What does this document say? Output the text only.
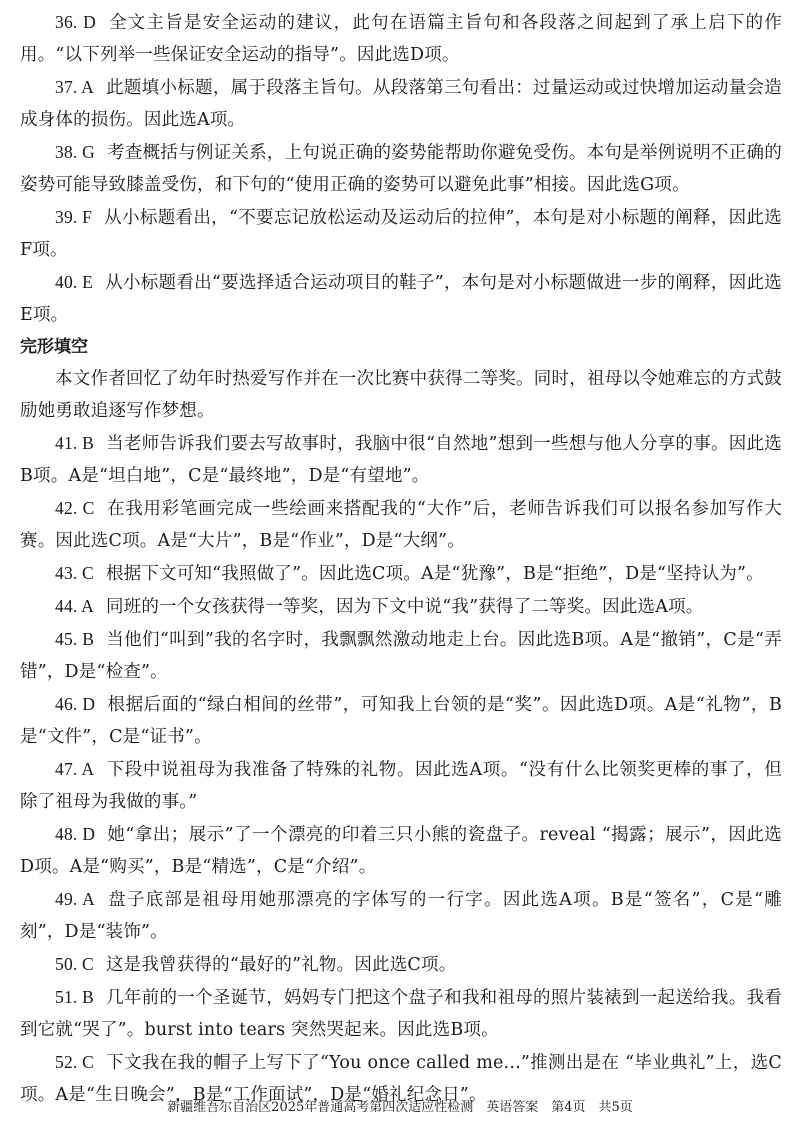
36. D 全文主旨是安全运动的建议，此句在语篇主旨句和各段落之间起到了承上启下的作用。“以下列举一些保证安全运动的指导”。因此选D项。

37. A 此题填小标题，属于段落主旨句。从段落第三句看出：过量运动或过快增加运动量会造成身体的损伤。因此选A项。

38. G 考查概括与例证关系，上句说正确的姿势能帮助你避免受伤。本句是举例说明不正确的姿势可能导致膝盖受伤，和下句的“使用正确的姿势可以避免此事”相接。因此选G项。

39. F 从小标题看出，“不要忘记放松运动及运动后的拉伸”，本句是对小标题的阐释，因此选F项。

40. E 从小标题看出“要选择适合运动项目的鞋子”，本句是对小标题做进一步的阐释，因此选E项。

完形填空

本文作者回忆了幼年时热爱写作并在一次比赛中获得二等奖。同时，祖母以令她难忘的方式鼓励她勇敢追逐写作梦想。

41. B 当老师告诉我们要去写故事时，我脑中很“自然地”想到一些想与他人分享的事。因此选B项。A是“坦白地”，C是“最终地”，D是“有望地”。

42. C 在我用彩笔画完成一些绘画来搭配我的“大作”后，老师告诉我们可以报名参加写作大赛。因此选C项。A是“大片”，B是“作业”，D是“大纲”。

43. C 根据下文可知“我照做了”。因此选C项。A是“犹豫”，B是“拒绝”，D是“坚持认为”。

44. A 同班的一个女孩获得一等奖，因为下文中说“我”获得了二等奖。因此选A项。

45. B 当他们“叫到”我的名字时，我飘飘然激动地走上台。因此选B项。A是“撤销”，C是“弄错”，D是“检查”。

46. D 根据后面的“绿白相间的丝带”，可知我上台领的是“奖”。因此选D项。A是“礼物”，B是“文件”，C是“证书”。

47. A 下段中说祖母为我准备了特殊的礼物。因此选A项。“没有什么比领奖更棒的事了，但除了祖母为我做的事。”

48. D 她“拿出；展示”了一个漂亮的印着三只小熊的瓷盘子。reveal “揭露；展示”，因此选D项。A是“购买”，B是“精选”，C是“介绍”。

49. A 盘子底部是祖母用她那漂亮的字体写的一行字。因此选A项。B是“签名”，C是“雕刻”，D是“装饰”。

50. C 这是我曾获得的“最好的”礼物。因此选C项。

51. B 几年前的一个圣诞节，妈妈专门把这个盘子和我和祖母的照片装裱到一起送给我。我看到它就“哭了”。burst into tears 突然哭起来。因此选B项。

52. C 下文我在我的帽子上写下了“You once called me...”推测出是在 “毕业典礼”上，选C项。A是“生日晚会”，B是“工作面试”，D是“婚礼纪念日”。

新疆维吾尔自治区2025年普通高考第四次适应性检测　英语答案　第4页　共5页
